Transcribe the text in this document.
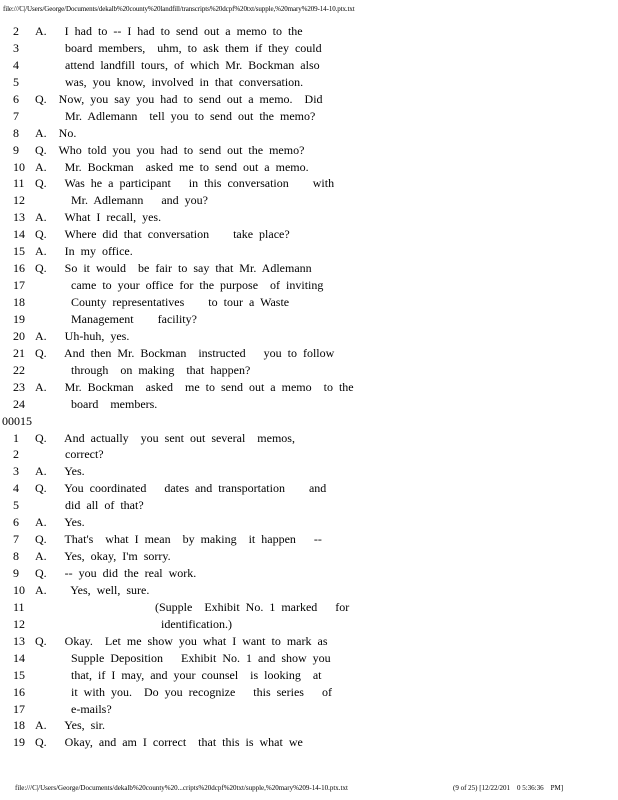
file:///C|/Users/George/Documents/dekalb%20county%20landfill/transcripts%20dcpf%20txt/supple,%20mary%209-14-10.ptx.txt
2	A.   I had to -- I had to send out a memo to the
3	board members,  uhm, to ask them if they could
4	attend landfill tours, of which Mr. Bockman also
5	was, you know, involved in that conversation.
6	Q.  Now, you say you had to send out a memo.  Did
7	Mr. Adlemann  tell you to send out the memo?
8	A.  No.
9	Q.  Who told you you had to send out the memo?
10 A.   Mr. Bockman  asked me to send out a memo.
11 Q.   Was he a participant   in this conversation    with
12 Mr. Adlemann   and you?
13 A.   What I recall, yes.
14 Q.   Where did that conversation    take place?
15 A.   In my office.
16 Q.   So it would  be fair to say that Mr. Adlemann
17 came to your office for the purpose  of inviting
18 County representatives    to tour a Waste
19 Management    facility?
20 A.   Uh-huh, yes.
21 Q.   And then Mr. Bockman  instructed   you to follow
22 through  on making  that happen?
23 A.   Mr. Bockman  asked  me to send out a memo  to the
24 board  members.
00015
1	Q.   And actually  you sent out several  memos,
2	correct?
3	A.   Yes.
4	Q.   You coordinated   dates and transportation    and
5	did all of that?
6	A.   Yes.
7	Q.   That's  what I mean  by making  it happen   --
8	A.   Yes, okay, I'm sorry.
9	Q.   -- you did the real work.
10 A.    Yes, well, sure.
11 (Supple  Exhibit No. 1 marked   for
12 identification.)
13 Q.   Okay.  Let me show you what I want to mark as
14 Supple Deposition   Exhibit No. 1 and show you
15 that, if I may, and your counsel  is looking  at
16 it with you.  Do you recognize   this series   of
17 e-mails?
18 A.   Yes, sir.
19 Q.   Okay, and am I correct  that this is what we
file:///C|/Users/George/Documents/dekalb%20county%20...cripts%20dcpf%20txt/supple,%20mary%209-14-10.ptx.txt	(9 of 25) [12/22/201    0 5:36:36    PM]
